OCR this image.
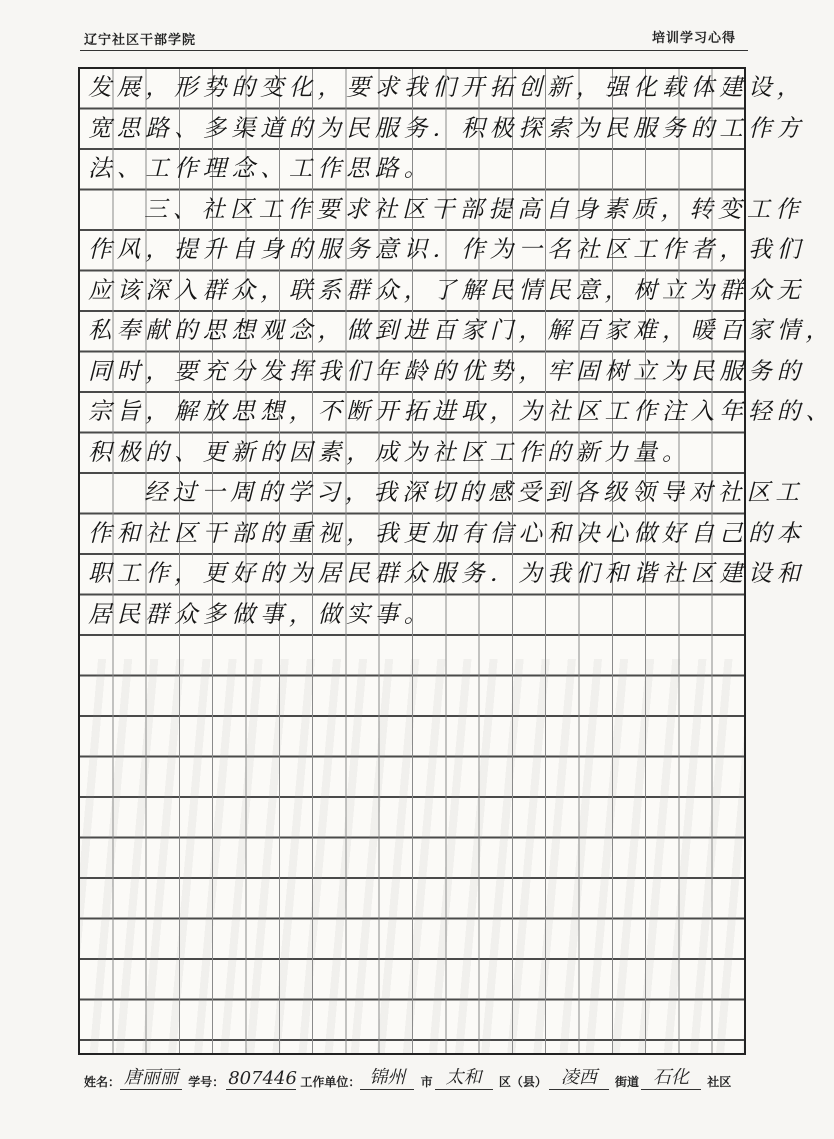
辽宁社区干部学院	培训学习心得
发展，形势的变化，要求我们开拓创新，强化载体建设，
宽思路、多渠道的为民服务．积极探索为民服务的工作方
法、工作理念、工作思路。
三、社区工作要求社区干部提高自身素质，转变工作
作风，提升自身的服务意识．作为一名社区工作者，我们
应该深入群众，联系群众，了解民情民意，树立为群众无
私奉献的思想观念，做到进百家门，解百家难，暖百家情，
同时，要充分发挥我们年龄的优势，牢固树立为民服务的
宗旨，解放思想，不断开拓进取，为社区工作注入年轻的、
积极的、更新的因素，成为社区工作的新力量。
经过一周的学习，我深切的感受到各级领导对社区工
作和社区干部的重视，我更加有信心和决心做好自己的本
职工作，更好的为居民群众服务．为我们和谐社区建设和
居民群众多做事，做实事。
姓名： 唐丽丽 学号： 807446 工作单位： 锦州 市 太和 区（县） 凌西 街道 石化 社区
